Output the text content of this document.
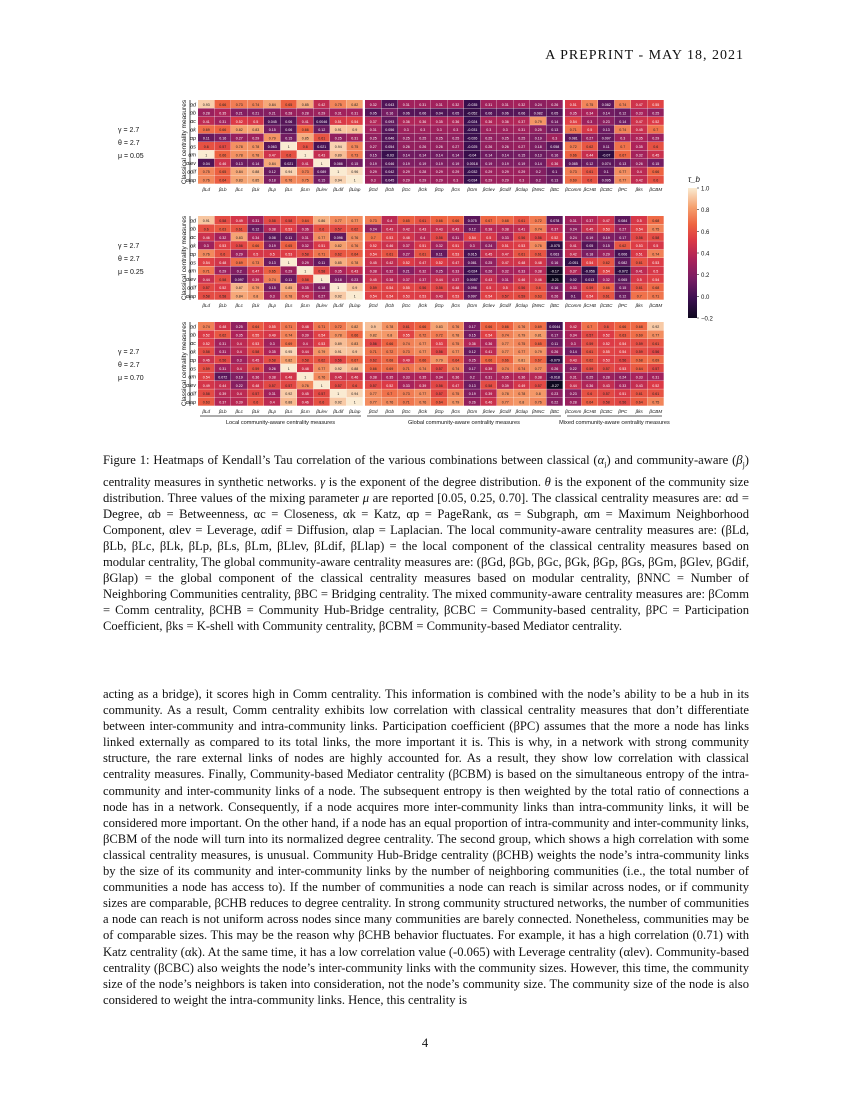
A PREPRINT - MAY 18, 2021
Classical centrality measures
γ = 2.7
θ = 2.7
μ = 0.05
αd
αb
αc
αk
αp
αs
αm
αlev
αdif
αlap
0.93	0.66	0.73	0.74	0.84	0.65	0.85	0.42	0.75	0.82	0.32 0.043 0.31	0.31	0.31	0.32 -0.035 0.31	0.31	0.32	0.24	0.26	0.51	0.75 0.082 0.74	0.47	0.55
0.28	0.35	0.21	0.21	0.21	0.28	0.28	0.29	0.31	0.31	0.05	0.16	0.06	0.06	0.04	0.05 -0.052 0.06	0.06	0.06 0.082 0.05	0.35	0.34	0.14	0.12	0.33	0.25
0.41	0.31	0.52	0.5	0.045 0.06	0.41 0.0046 0.51	0.54	0.37 0.093 0.36	0.36	0.35	0.36 -0.024 0.36	0.36	0.37	0.79	0.14	0.54	0.3	0.23	0.14	0.47	0.52
0.69	0.66	0.82	0.83	0.15	0.06	0.66	0.12	0.91	0.9	0.31 0.056	0.3	0.3	0.3	0.3 -0.031 0.3	0.3	0.31	0.25	0.13	0.71	0.5	0.13	0.74	0.45	0.7
0.11	0.16	0.27	0.29	0.79	0.15	0.85	0.61	0.25	0.31	0.25 0.046 0.25	0.25	0.25	0.25 -0.026 0.25	0.25	0.25	0.19	0.3	0.081 0.27 0.097	0.3	0.35	0.29
0.6	0.57	0.78	0.78 0.063	1	0.6	0.021 0.94	0.75	0.27 0.054 0.26	0.26	0.26	0.27 -0.025 0.26	0.26	0.27	0.18 0.058	0.72	0.62	0.11	0.7	0.35	0.6
1	0.66	0.78	0.78	0.47	0.6	1	0.43	0.89	0.73	0.15 -0.03 0.14	0.14	0.14	0.14 -0.04 0.14	0.14	0.15	0.13	0.16	0.66	0.44 -0.07 0.67	0.32	0.45
0.04	0.46	0.13	0.14	0.84 0.021 0.41	1	0.086 0.15	0.19 0.046 0.19	0.19	0.19	0.19 0.0018 0.19	0.19	0.19	0.14	0.36	0.085 0.12 0.074 0.13	0.26	0.15
0.75	0.65	0.84	0.88	0.12	0.94	0.73 0.089	1	0.96	0.29 0.042 0.29	0.28	0.29	0.29 -0.032 0.29	0.29	0.29	0.2	0.1	0.73	0.61	0.1	0.77	0.4	0.66
0.76	0.64	0.83	0.85	0.18	0.76	0.75	0.15	0.94	1	0.3	0.045 0.29	0.29	0.29	0.3 -0.034 0.29	0.29	0.3	0.2	0.13	0.69	0.6	0.095 0.77	0.42	0.6
βLd βLb βLc βLk βLp βLs βLm βLlev βLdif βLlap βGd βGb βGc βGk βGp βGs βGm βGlev βGdif βGlap βNNC βBC βComm βCHB βCBC βPC βks βCBM
Classical centrality measures
γ = 2.7
θ = 2.7
μ = 0.25
αd
αb
αc
αk
αp
αs
αm
αlev
αdif
αlap
0.91	0.58	0.49	0.31	0.58	0.58	0.64	0.86	0.77	0.77	0.73	0.4	0.65	0.61	0.66	0.66 0.075 0.67	0.68	0.61	0.72 0.078	0.31	0.37	0.47 0.084	0.5	0.68
0.6	0.63	0.61	0.12	0.38	0.53	0.36	0.6	0.57	0.62	0.24	0.43	0.42	0.43	0.43	0.43	0.12	0.38	0.38	0.41	0.74	0.37	0.24	0.45	0.53	0.27	0.54	0.75
0.46	0.32	0.83	0.34	0.08	0.11	0.31	0.77 0.096 0.76	0.7	0.53	0.48	0.4	0.56	0.31	0.54	0.5	0.33	0.56	0.56	0.52	0.24	0.19	0.19	0.17	0.56	0.58
0.3	0.53	0.56	0.66	0.19	0.65	0.32	0.51	0.82	0.76	0.52	0.46	0.37	0.51	0.32	0.51	0.3	0.24	0.51	0.53	0.76 -0.075	0.41	0.05	0.15	0.62	0.53	0.5
0.76	0.6	0.29	0.5	0.5	0.53	0.58	0.71	0.62	0.64	0.54	0.61	0.27	0.61	0.11	0.53 0.015 0.45	0.47	0.61	0.61 0.063	0.42	0.18	0.29 0.006 0.51	0.74
0.54	0.48	0.69	0.73	0.13	1	0.29	0.11	0.85	0.78	0.45	0.42	0.52	0.47	0.52	0.47 0.081 0.25	0.47	0.48	0.48	0.16	-0.051 0.54	0.62 0.082 0.61	0.53
0.71	0.29	0.2	0.47	0.65	0.29	1	0.58	0.35	0.43	0.38	0.32	0.21	0.32	0.25	0.33 -0.024 0.26	0.32	0.33	0.38 -0.17	0.37 -0.056 0.54 -0.072 0.41	0.5
0.44	0.58 0.097 0.39	0.74	0.11	0.58	1	0.18	0.23	0.45	0.38	0.37	0.37	0.44	0.37 0.0057 0.43	0.31	0.46	0.46 -0.21	0.02 0.013 0.32 0.065	0.5	0.54
0.57	0.52	0.87	0.79	0.15	0.85	0.35	0.18	1	0.9	0.59	0.54	0.55	0.56	0.56	0.48 0.098	0.5	0.5	0.56	0.6	0.16	0.33	0.59	0.66	0.15	0.61	0.68
0.58	0.58	0.84	0.8	0.3	0.78	0.43	0.27	0.92	1	0.54	0.54	0.53	0.53	0.43	0.53 0.097 0.54	0.57	0.59	0.63	0.26	0.1	0.54	0.61	0.12	0.7	0.71
βLd βLb βLc βLk βLp βLs βLm βLlev βLdif βLlap βGd βGb βGc βGk βGp βGs βGm βGlev βGdif βGlap βNNC βBC βComm βCHB βCBC βPC βks βCBM
Classical centrality measures
γ = 2.7
θ = 2.7
μ = 0.70
αd
αb
αc
αk
αp
αs
αm
αlev
αdif
αlap
0.74	0.48	0.25	0.64	0.55	0.71	0.48	0.71	0.72	0.82	0.9	0.78	0.61	0.66	0.83	0.76	0.17	0.66	0.66	0.76	0.69 0.0044	0.42	0.7	0.6	0.66	0.68	0.92
0.52	0.62	0.35	0.55	0.49	0.74	0.39	0.54	0.78	0.66	0.82	0.8	0.55	0.72	0.72	0.78	0.15	0.54	0.74	0.79	0.81	0.17	0.34	0.57	0.52	0.63	0.69	0.77
0.52	0.31	0.4	0.53	0.3	0.69	0.4	0.53	0.89	0.83	0.56	0.66	0.74	0.77	0.53	0.75	0.36	0.36	0.77	0.75	0.65	0.11	0.3	0.59	0.52	0.54	0.59	0.61
0.58	0.31	0.4	0.58	0.35	0.95	0.44	0.79	0.91	0.9	0.71	0.72	0.73	0.77	0.56	0.77	0.12	0.41	0.77	0.77	0.79	0.26	0.14	0.61	0.55	0.54	0.59	0.56
0.46	0.56	0.3	0.45	0.58	0.82	0.58	0.62	0.56	0.67	0.62	0.68	0.49	0.66	0.79	0.64	0.25	0.66	0.66	0.81	0.67 -0.079	0.43	0.62	0.53	0.56	0.68	0.69
0.59	0.31	0.4	0.59	0.26	1	0.48	0.77	0.92	0.88	0.66	0.69	0.71	0.74	0.57	0.74	0.17	0.39	0.74	0.74	0.77	0.26	0.22	0.59	0.57	0.53	0.64	0.57
0.54 0.072 0.19	0.36	0.38	0.48	1	0.76	0.45	0.46	0.38	0.35	0.33	0.35	0.34	0.36	0.2	0.31	0.35	0.36	0.38 -0.018	0.31	0.25	0.28	0.24	0.33	0.31
0.49	0.44	0.22	0.48	0.57	0.57	0.76	1	0.57	0.6	0.57	0.52	0.33	0.39	0.56	0.47	0.13	0.58	0.39	0.49	0.57 -0.27	0.44	0.36	0.43	0.33	0.43	0.52
0.58	0.39	0.4	0.57	0.31	0.92	0.45	0.57	1	0.94	0.77	0.7	0.73	0.77	0.57	0.75	0.19	0.39	0.78	0.78	0.8	0.23	0.23	0.6	0.57	0.51	0.61	0.61
0.63	0.37	0.39	0.6	0.4	0.88	0.46	0.6	0.92	1	0.77	0.76	0.71	0.76	0.64	0.79	0.26	0.46	0.77	0.8	0.76	0.22	0.28	0.64	0.58	0.56	0.64	0.75
βLd βLb βLc βLk βLp βLs βLm βLlev βLdif βLlap βGd βGb βGc βGk βGp βGs βGm βGlev βGdif βGlap βNNC βBC βComm βCHB βCBC βPC βks βCBM
Local community-aware centrality measures	Global community-aware centrality measures	Mixed community-aware centrality measures
τ_b
1.0
0.8
0.6
0.4
0.2
0.0
−0.2
Figure 1: Heatmaps of Kendall’s Tau correlation of the various combinations between classical $(\alpha_i)$ and community-aware $(\beta_j)$ centrality measures in synthetic networks. γ is the exponent of the degree distribution. θ is the exponent of the community size distribution. Three values of the mixing parameter μ are reported [0.05, 0.25, 0.70]. The classical centrality measures are: αd = Degree, αb = Betweenness, αc = Closeness, αk = Katz, αp = PageRank, αs = Subgraph, αm = Maximum Neighborhood Component, αlev = Leverage, αdif = Diffusion, αlap = Laplacian. The local community-aware centrality measures are: (βLd, βLb, βLc, βLk, βLp, βLs, βLm, βLlev, βLdif, βLlap) = the local component of the classical centrality measures based on modular centrality, The global community-aware centrality measures are: (βGd, βGb, βGc, βGk, βGp, βGs, βGm, βGlev, βGdif, βGlap) = the global component of the classical centrality measures based on modular centrality, βNNC = Number of Neighboring Communities centrality, βBC = Bridging centrality. The mixed community-aware centrality measures are: βComm = Comm centrality, βCHB = Community Hub-Bridge centrality, βCBC = Community-based centrality, βPC = Participation Coefficient, βks = K-shell with Community centrality, βCBM = Community-based Mediator centrality.
acting as a bridge), it scores high in Comm centrality. This information is combined with the node’s ability to be a hub in its community. As a result, Comm centrality exhibits low correlation with classical centrality measures that don’t differentiate between inter-community and intra-community links. Participation coefficient (βPC) assumes that the more a node has links linked externally as compared to its total links, the more important it is. This is why, in a network with strong community structure, the rare external links of nodes are highly accounted for. As a result, they show low correlation with classical centrality measures. Finally, Community-based Mediator centrality (βCBM) is based on the simultaneous entropy of the intra-community and inter-community links of a node. The subsequent entropy is then weighted by the total ratio of connections a node has in a network. Consequently, if a node acquires more inter-community links than intra-community links, it will be considered more important. On the other hand, if a node has an equal proportion of intra-community and inter-community links, βCBM of the node will turn into its normalized degree centrality. The second group, which shows a high correlation with some classical centrality measures, is unusual. Community Hub-Bridge centrality (βCHB) weights the node’s intra-community links by the size of its community and inter-community links by the number of neighboring communities (i.e., the total number of communities a node has access to). If the number of communities a node can reach is similar across nodes, or if community sizes are comparable, βCHB reduces to degree centrality. In strong community structured networks, the number of communities a node can reach is not uniform across nodes since many communities are barely connected. Nonetheless, communities may be of comparable sizes. This may be the reason why βCHB behavior fluctuates. For example, it has a high correlation (0.71) with Katz centrality (αk). At the same time, it has a low correlation value (-0.065) with Leverage centrality (αlev). Community-based centrality (βCBC) also weights the node’s inter-community links with the community sizes. However, this time, the community size of the node’s neighbors is taken into consideration, not the node’s community size. The community size of the node is also considered to weight the intra-community links. Hence, this centrality is
4
